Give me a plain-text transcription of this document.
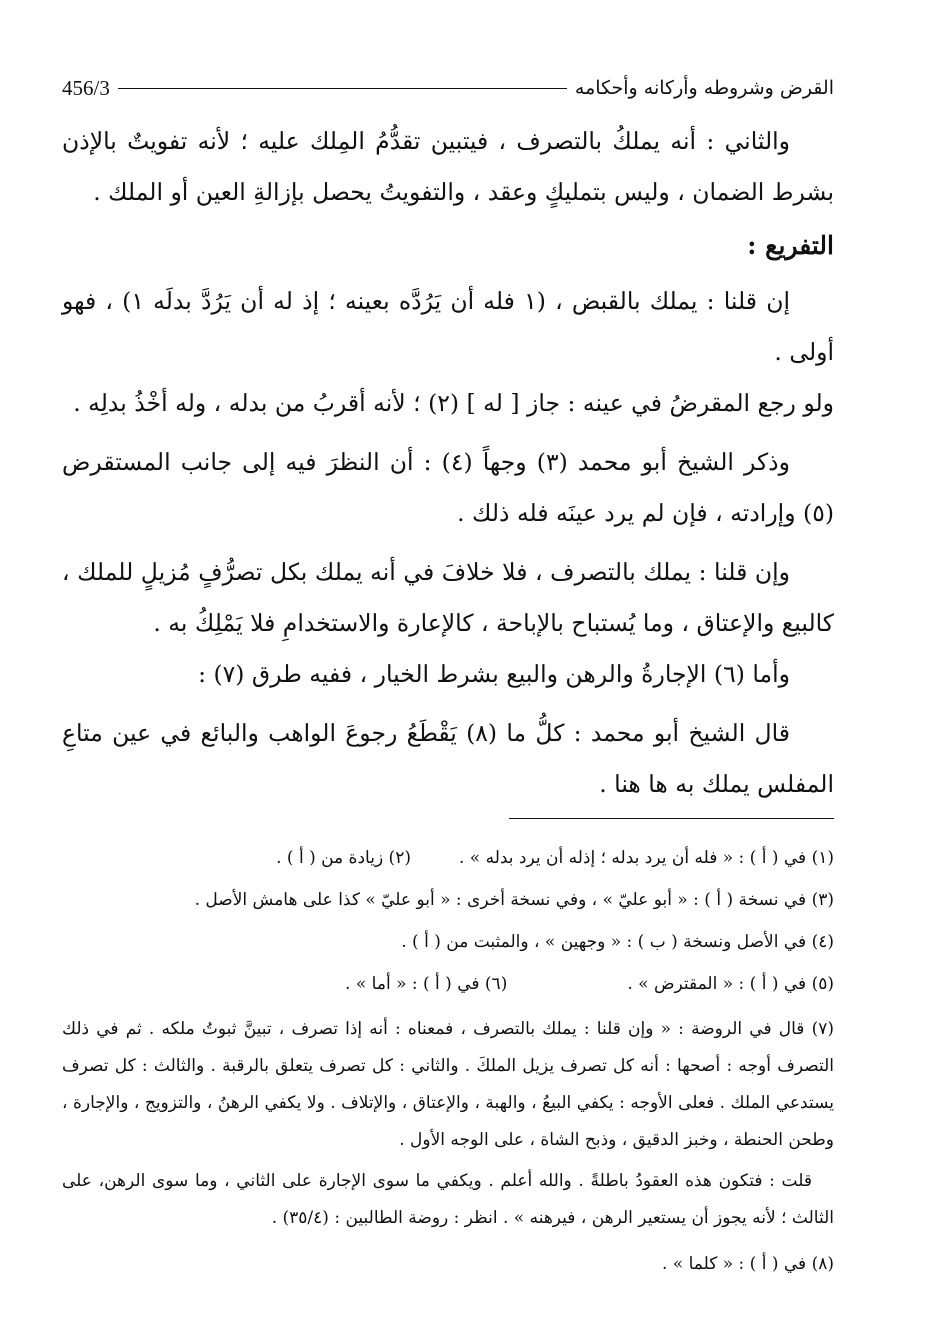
456/3	القرض وشروطه وأركانه وأحكامه

والثاني : أنه يملكُ بالتصرف ، فيتبين تقدُّمُ المِلك عليه ؛ لأنه تفويتٌ بالإذن بشرط الضمان ، وليس بتمليكٍ وعقد ، والتفويتُ يحصل بإزالةِ العين أو الملك .

التفريع :

إن قلنا : يملك بالقبض ، (١ فله أن يَرُدَّه بعينه ؛ إذ له أن يَرُدَّ بدلَه ١) ، فهو أولى .

ولو رجع المقرضُ في عينه : جاز [ له ] (٢) ؛ لأنه أقربُ من بدله ، وله أخْذُ بدلِه .

وذكر الشيخ أبو محمد (٣) وجهاً (٤) : أن النظرَ فيه إلى جانب المستقرض (٥) وإرادته ، فإن لم يرد عينَه فله ذلك .

وإن قلنا : يملك بالتصرف ، فلا خلافَ في أنه يملك بكل تصرُّفٍ مُزيلٍ للملك ، كالبيع والإعتاق ، وما يُستباح بالإباحة ، كالإعارة والاستخدامِ فلا يَمْلِكُ به .

وأما (٦) الإجارةُ والرهن والبيع بشرط الخيار ، ففيه طرق (٧) :

قال الشيخ أبو محمد : كلُّ ما (٨) يَقْطَعُ رجوعَ الواهب والبائع في عين متاعِ المفلس يملك به ها هنا .

(١) في ( أ ) : « فله أن يرد بدله ؛ إذله أن يرد بدله » .
(٢) زيادة من ( أ ) .

(٣) في نسخة ( أ ) : « أبو عليّ » ، وفي نسخة أخرى : « أبو عليّ » كذا على هامش الأصل .

(٤) في الأصل ونسخة ( ب ) : « وجهين » ، والمثبت من ( أ ) .

(٥) في ( أ ) : « المقترض » .
(٦) في ( أ ) : « أما » .

(٧) قال في الروضة : « وإن قلنا : يملك بالتصرف ، فمعناه : أنه إذا تصرف ، تبينَّ ثبوتُ ملكه . ثم في ذلك التصرف أوجه : أصحها : أنه كل تصرف يزيل الملكَ . والثاني : كل تصرف يتعلق بالرقبة . والثالث : كل تصرف يستدعي الملك . فعلى الأوجه : يكفي البيعُ ، والهبة ، والإعتاق ، والإتلاف . ولا يكفي الرهنُ ، والتزويج ، والإجارة ، وطحن الحنطة ، وخبز الدقيق ، وذبح الشاة ، على الوجه الأول .

قلت : فتكون هذه العقودُ باطلةً . والله أعلم . ويكفي ما سوى الإجارة على الثاني ، وما سوى الرهن، على الثالث ؛ لأنه يجوز أن يستعير الرهن ، فيرهنه » . انظر : روضة الطالبين : (٣٥/٤) .

(٨) في ( أ ) : « كلما » .
